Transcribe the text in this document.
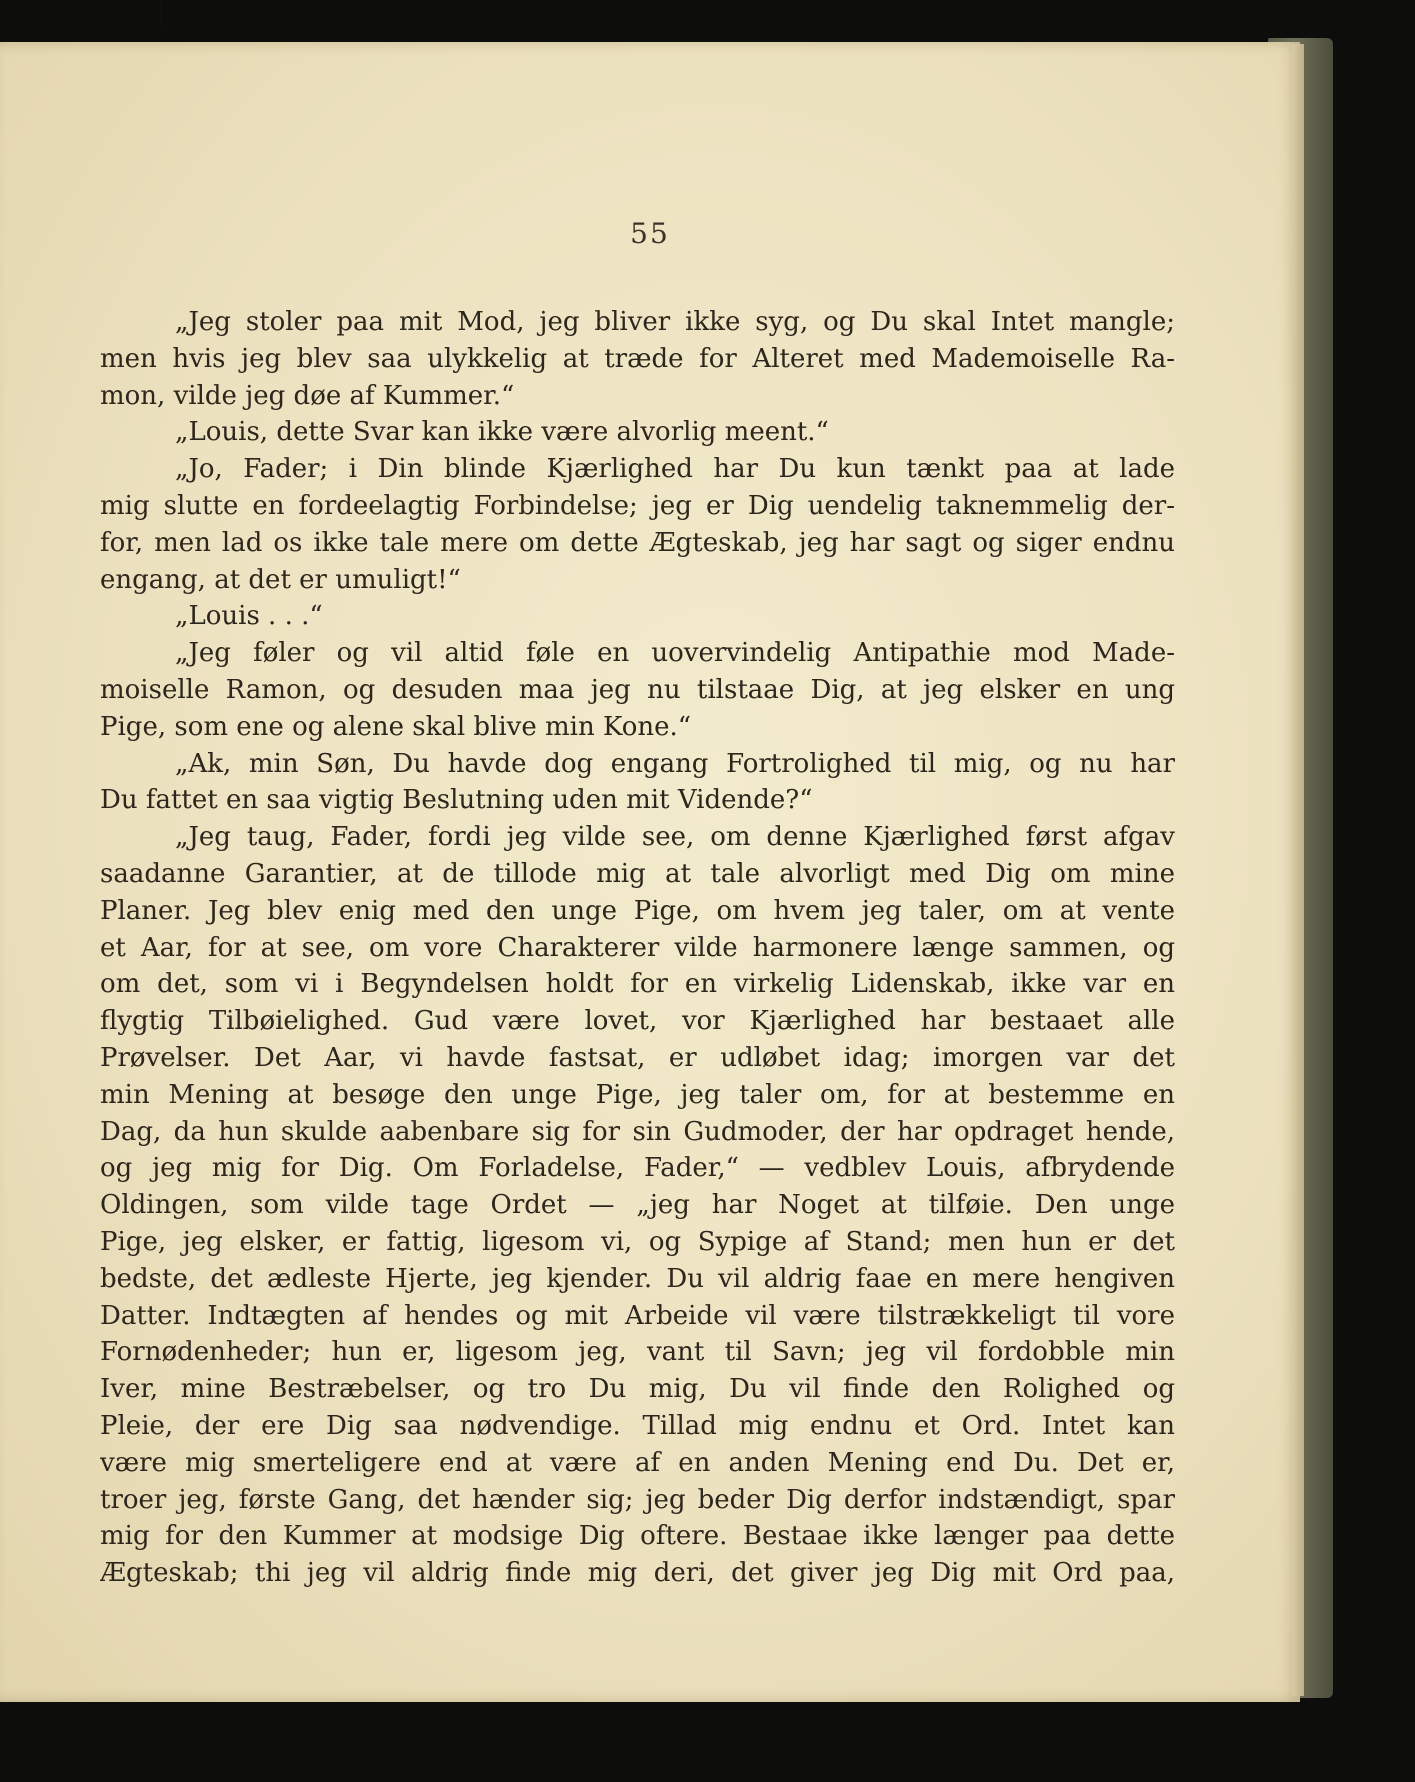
55
„Jeg stoler paa mit Mod, jeg bliver ikke syg, og Du skal Intet mangle;
men hvis jeg blev saa ulykkelig at træde for Alteret med Mademoiselle Ra-
mon, vilde jeg døe af Kummer.“
„Louis, dette Svar kan ikke være alvorlig meent.“
„Jo, Fader; i Din blinde Kjærlighed har Du kun tænkt paa at lade
mig slutte en fordeelagtig Forbindelse; jeg er Dig uendelig taknemmelig der-
for, men lad os ikke tale mere om dette Ægteskab, jeg har sagt og siger endnu
engang, at det er umuligt!“
„Louis . . .“
„Jeg føler og vil altid føle en uovervindelig Antipathie mod Made-
moiselle Ramon, og desuden maa jeg nu tilstaae Dig, at jeg elsker en ung
Pige, som ene og alene skal blive min Kone.“
„Ak, min Søn, Du havde dog engang Fortrolighed til mig, og nu har
Du fattet en saa vigtig Beslutning uden mit Vidende?“
„Jeg taug, Fader, fordi jeg vilde see, om denne Kjærlighed først afgav
saadanne Garantier, at de tillode mig at tale alvorligt med Dig om mine
Planer. Jeg blev enig med den unge Pige, om hvem jeg taler, om at vente
et Aar, for at see, om vore Charakterer vilde harmonere længe sammen, og
om det, som vi i Begyndelsen holdt for en virkelig Lidenskab, ikke var en
flygtig Tilbøielighed. Gud være lovet, vor Kjærlighed har bestaaet alle
Prøvelser. Det Aar, vi havde fastsat, er udløbet idag; imorgen var det
min Mening at besøge den unge Pige, jeg taler om, for at bestemme en
Dag, da hun skulde aabenbare sig for sin Gudmoder, der har opdraget hende,
og jeg mig for Dig. Om Forladelse, Fader,“ — vedblev Louis, afbrydende
Oldingen, som vilde tage Ordet — „jeg har Noget at tilføie. Den unge
Pige, jeg elsker, er fattig, ligesom vi, og Sypige af Stand; men hun er det
bedste, det ædleste Hjerte, jeg kjender. Du vil aldrig faae en mere hengiven
Datter. Indtægten af hendes og mit Arbeide vil være tilstrækkeligt til vore
Fornødenheder; hun er, ligesom jeg, vant til Savn; jeg vil fordobble min
Iver, mine Bestræbelser, og tro Du mig, Du vil finde den Rolighed og
Pleie, der ere Dig saa nødvendige. Tillad mig endnu et Ord. Intet kan
være mig smerteligere end at være af en anden Mening end Du. Det er,
troer jeg, første Gang, det hænder sig; jeg beder Dig derfor indstændigt, spar
mig for den Kummer at modsige Dig oftere. Bestaae ikke længer paa dette
Ægteskab; thi jeg vil aldrig finde mig deri, det giver jeg Dig mit Ord paa,
